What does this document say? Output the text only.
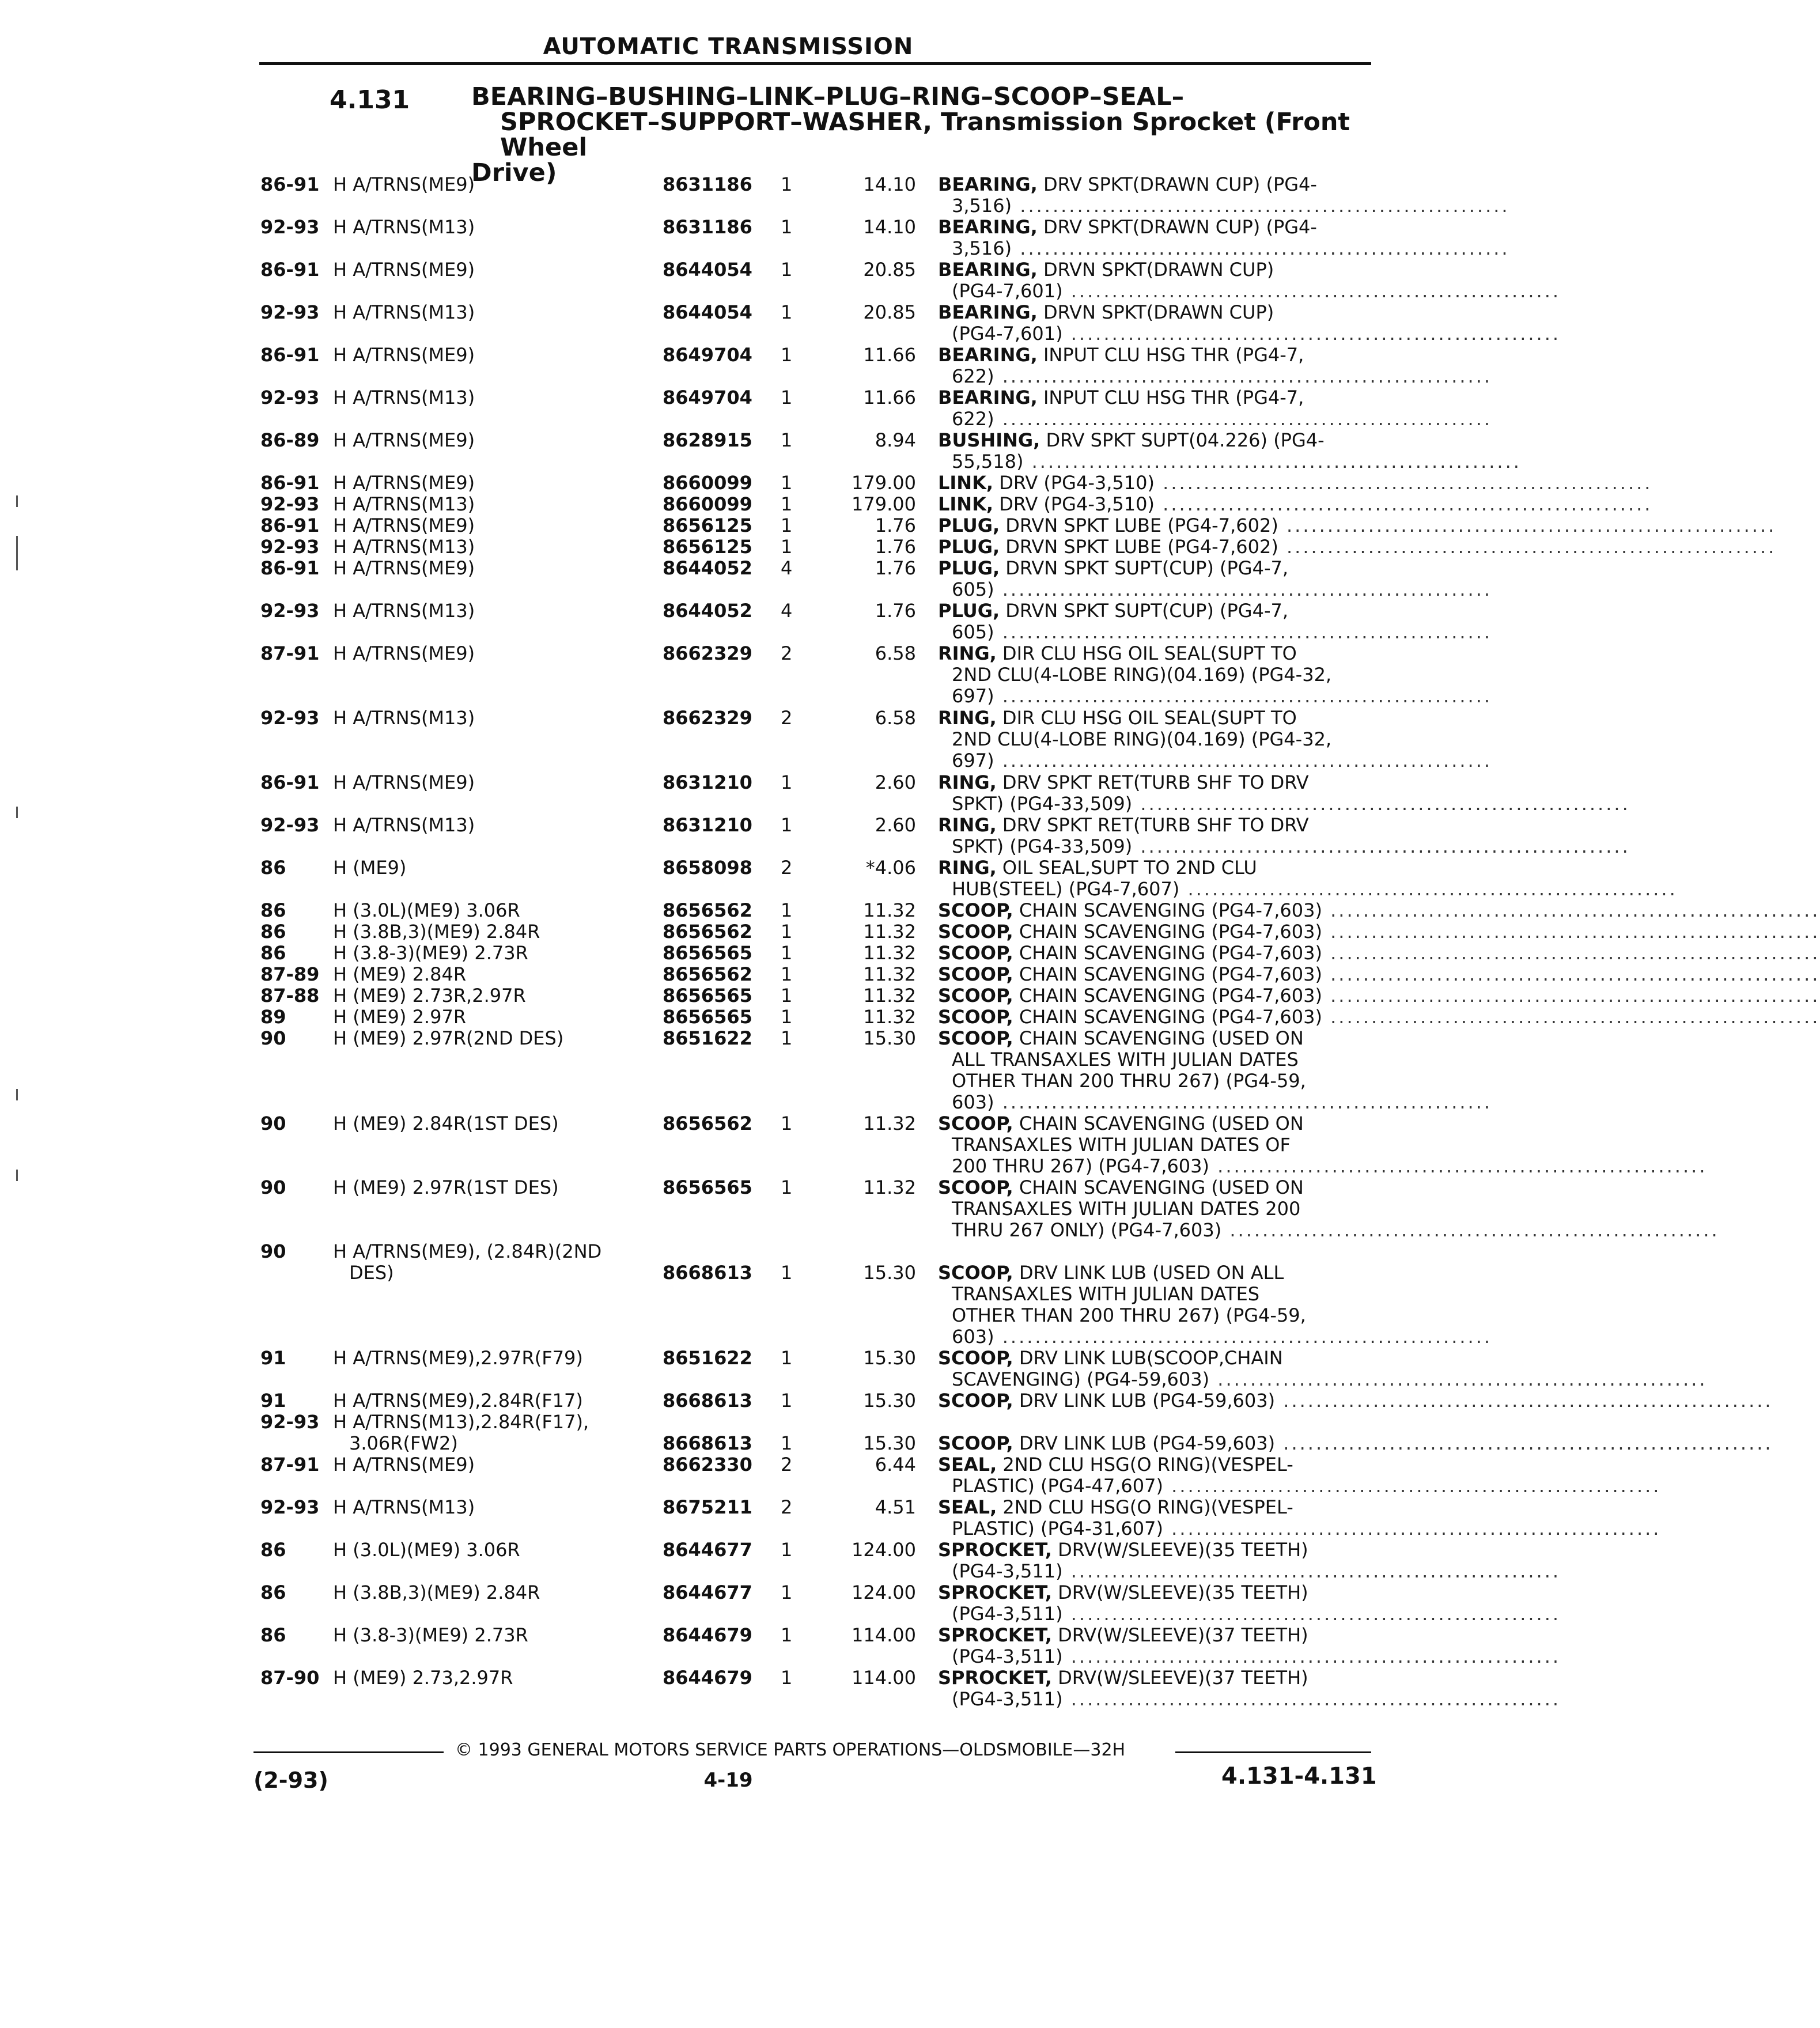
AUTOMATIC TRANSMISSION
4.131 BEARING–BUSHING–LINK–PLUG–RING–SCOOP–SEAL–
SPROCKET–SUPPORT–WASHER, Transmission Sprocket (Front Wheel
Drive)
86-91 H A/TRNS(ME9)	8631186 1	14.10 BEARING, DRV SPKT(DRAWN CUP) (PG4-
3,516) ............................................................
92-93 H A/TRNS(M13)	8631186 1	14.10 BEARING, DRV SPKT(DRAWN CUP) (PG4-
3,516) ............................................................
86-91 H A/TRNS(ME9)	8644054 1	20.85 BEARING, DRVN SPKT(DRAWN CUP)
(PG4-7,601) ............................................................
92-93 H A/TRNS(M13)	8644054 1	20.85 BEARING, DRVN SPKT(DRAWN CUP)
(PG4-7,601) ............................................................
86-91 H A/TRNS(ME9)	8649704 1	11.66 BEARING, INPUT CLU HSG THR (PG4-7,
622) ............................................................
92-93 H A/TRNS(M13)	8649704 1	11.66 BEARING, INPUT CLU HSG THR (PG4-7,
622) ............................................................
86-89 H A/TRNS(ME9)	8628915 1	8.94 BUSHING, DRV SPKT SUPT(04.226) (PG4-
55,518) ............................................................
86-91 H A/TRNS(ME9)	8660099 1	179.00 LINK, DRV (PG4-3,510) ............................................................
92-93 H A/TRNS(M13)	8660099 1	179.00 LINK, DRV (PG4-3,510) ............................................................
86-91 H A/TRNS(ME9)	8656125 1	1.76 PLUG, DRVN SPKT LUBE (PG4-7,602) ............................................................
92-93 H A/TRNS(M13)	8656125 1	1.76 PLUG, DRVN SPKT LUBE (PG4-7,602) ............................................................
86-91 H A/TRNS(ME9)	8644052 4	1.76 PLUG, DRVN SPKT SUPT(CUP) (PG4-7,
605) ............................................................
92-93 H A/TRNS(M13)	8644052 4	1.76 PLUG, DRVN SPKT SUPT(CUP) (PG4-7,
605) ............................................................
87-91 H A/TRNS(ME9)	8662329 2	6.58 RING, DIR CLU HSG OIL SEAL(SUPT TO
2ND CLU(4-LOBE RING)(04.169) (PG4-32,
697) ............................................................
92-93 H A/TRNS(M13)	8662329 2	6.58 RING, DIR CLU HSG OIL SEAL(SUPT TO
2ND CLU(4-LOBE RING)(04.169) (PG4-32,
697) ............................................................
86-91 H A/TRNS(ME9)	8631210 1	2.60 RING, DRV SPKT RET(TURB SHF TO DRV
SPKT) (PG4-33,509) ............................................................
92-93 H A/TRNS(M13)	8631210 1	2.60 RING, DRV SPKT RET(TURB SHF TO DRV
SPKT) (PG4-33,509) ............................................................
86	H (ME9)	8658098 2	*4.06 RING, OIL SEAL,SUPT TO 2ND CLU
HUB(STEEL) (PG4-7,607) ............................................................
86	H (3.0L)(ME9) 3.06R	8656562 1	11.32 SCOOP, CHAIN SCAVENGING (PG4-7,603) ............................................................
86	H (3.8B,3)(ME9) 2.84R	8656562 1	11.32 SCOOP, CHAIN SCAVENGING (PG4-7,603) ............................................................
86	H (3.8-3)(ME9) 2.73R	8656565 1	11.32 SCOOP, CHAIN SCAVENGING (PG4-7,603) ............................................................
87-89 H (ME9) 2.84R	8656562 1	11.32 SCOOP, CHAIN SCAVENGING (PG4-7,603) ............................................................
87-88 H (ME9) 2.73R,2.97R	8656565 1	11.32 SCOOP, CHAIN SCAVENGING (PG4-7,603) ............................................................
89	H (ME9) 2.97R	8656565 1	11.32 SCOOP, CHAIN SCAVENGING (PG4-7,603) ............................................................
90	H (ME9) 2.97R(2ND DES)	8651622 1	15.30 SCOOP, CHAIN SCAVENGING (USED ON
ALL TRANSAXLES WITH JULIAN DATES
OTHER THAN 200 THRU 267) (PG4-59,
603) ............................................................
90	H (ME9) 2.84R(1ST DES)	8656562 1	11.32 SCOOP, CHAIN SCAVENGING (USED ON
TRANSAXLES WITH JULIAN DATES OF
200 THRU 267) (PG4-7,603) ............................................................
90	H (ME9) 2.97R(1ST DES)	8656565 1	11.32 SCOOP, CHAIN SCAVENGING (USED ON
TRANSAXLES WITH JULIAN DATES 200
THRU 267 ONLY) (PG4-7,603) ............................................................
90	H A/TRNS(ME9), (2.84R)(2ND
DES)	8668613 1	15.30 SCOOP, DRV LINK LUB (USED ON ALL
TRANSAXLES WITH JULIAN DATES
OTHER THAN 200 THRU 267) (PG4-59,
603) ............................................................
91	H A/TRNS(ME9),2.97R(F79)	8651622 1	15.30 SCOOP, DRV LINK LUB(SCOOP,CHAIN
SCAVENGING) (PG4-59,603) ............................................................
91	H A/TRNS(ME9),2.84R(F17)	8668613 1	15.30 SCOOP, DRV LINK LUB (PG4-59,603) ............................................................
92-93 H A/TRNS(M13),2.84R(F17),
3.06R(FW2)	8668613 1	15.30 SCOOP, DRV LINK LUB (PG4-59,603) ............................................................
87-91 H A/TRNS(ME9)	8662330 2	6.44 SEAL, 2ND CLU HSG(O RING)(VESPEL-
PLASTIC) (PG4-47,607) ............................................................
92-93 H A/TRNS(M13)	8675211 2	4.51 SEAL, 2ND CLU HSG(O RING)(VESPEL-
PLASTIC) (PG4-31,607) ............................................................
86	H (3.0L)(ME9) 3.06R	8644677 1	124.00 SPROCKET, DRV(W/SLEEVE)(35 TEETH)
(PG4-3,511) ............................................................
86	H (3.8B,3)(ME9) 2.84R	8644677 1	124.00 SPROCKET, DRV(W/SLEEVE)(35 TEETH)
(PG4-3,511) ............................................................
86	H (3.8-3)(ME9) 2.73R	8644679 1	114.00 SPROCKET, DRV(W/SLEEVE)(37 TEETH)
(PG4-3,511) ............................................................
87-90 H (ME9) 2.73,2.97R	8644679 1	114.00 SPROCKET, DRV(W/SLEEVE)(37 TEETH)
(PG4-3,511) ............................................................
© 1993 GENERAL MOTORS SERVICE PARTS OPERATIONS—OLDSMOBILE—32H
(2-93)	4-19	4.131-4.131
